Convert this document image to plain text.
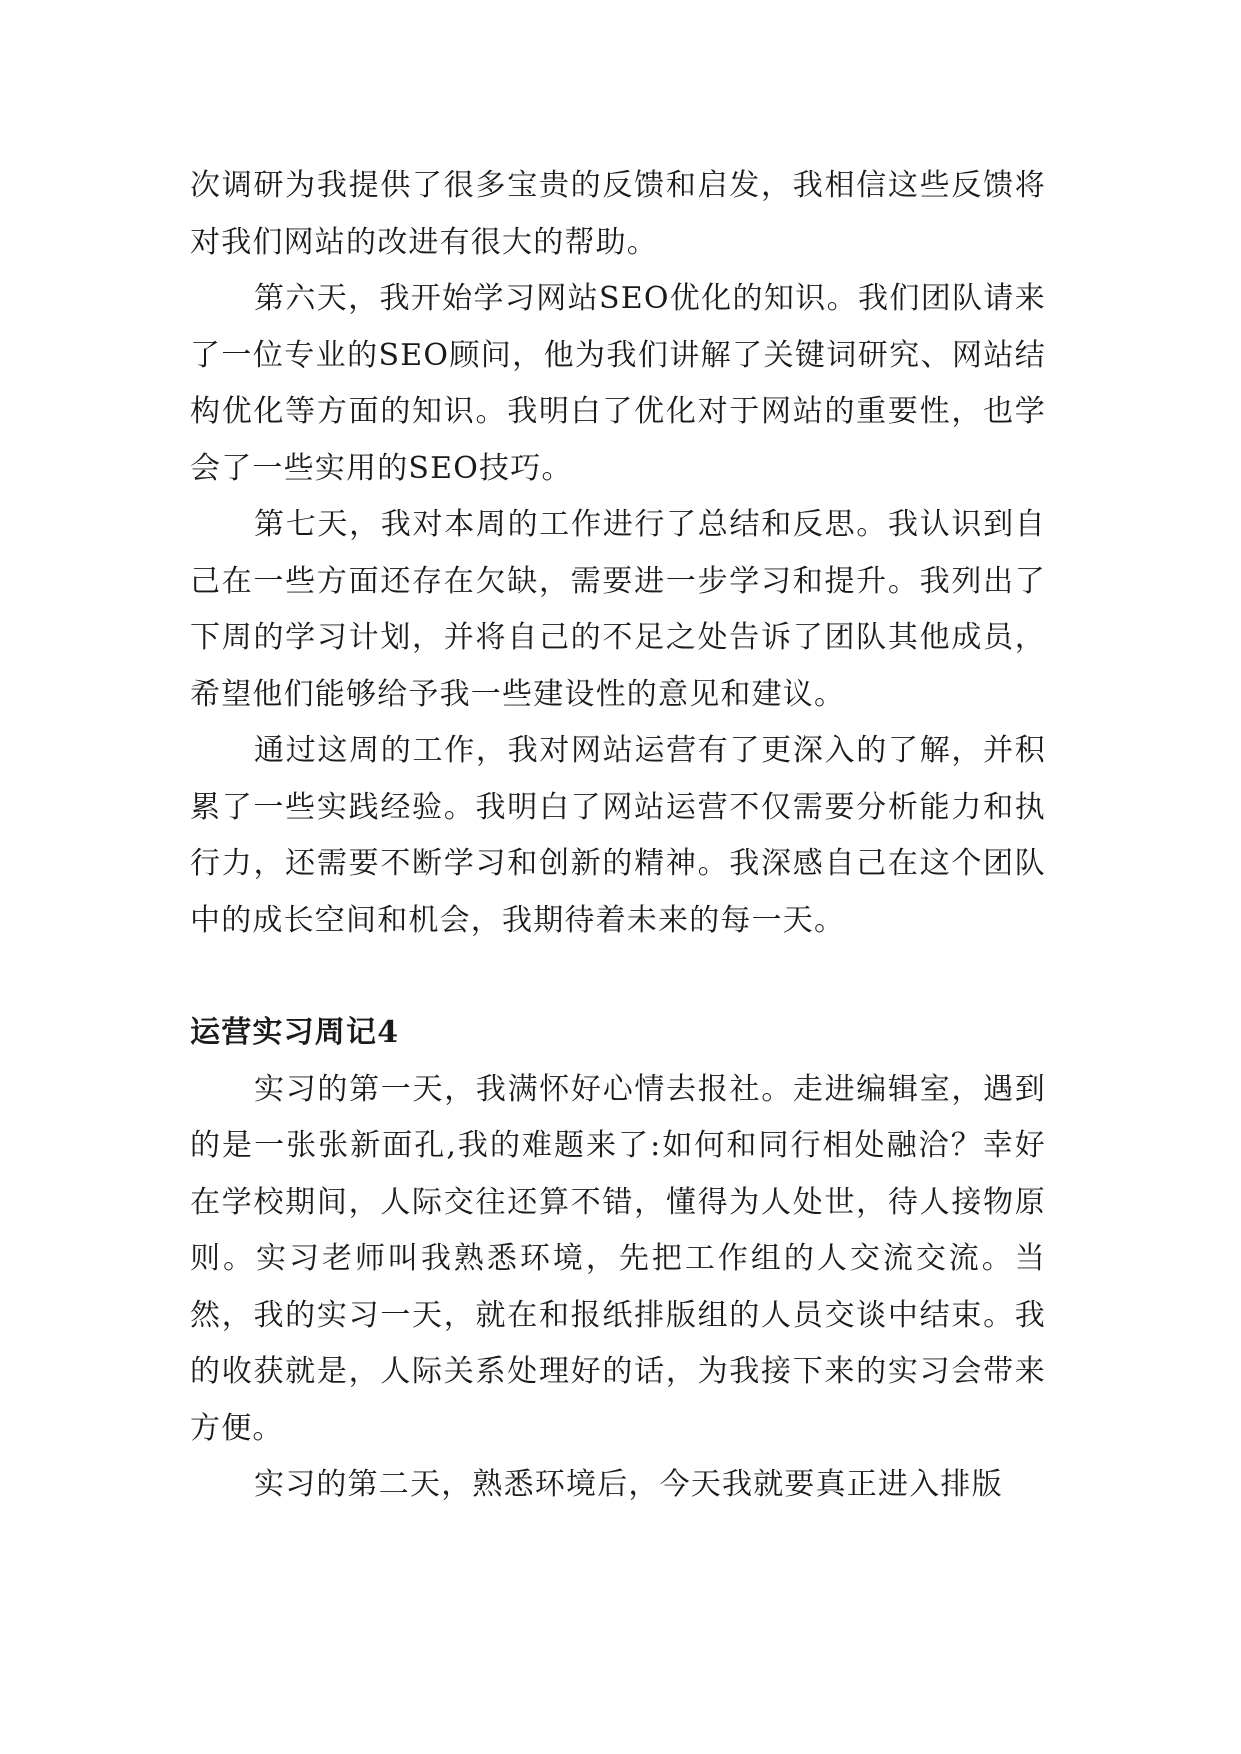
次调研为我提供了很多宝贵的反馈和启发，我相信这些反馈将对我们网站的改进有很大的帮助。

第六天，我开始学习网站SEO优化的知识。我们团队请来了一位专业的SEO顾问，他为我们讲解了关键词研究、网站结构优化等方面的知识。我明白了优化对于网站的重要性，也学会了一些实用的SEO技巧。

第七天，我对本周的工作进行了总结和反思。我认识到自己在一些方面还存在欠缺，需要进一步学习和提升。我列出了下周的学习计划，并将自己的不足之处告诉了团队其他成员，希望他们能够给予我一些建设性的意见和建议。

通过这周的工作，我对网站运营有了更深入的了解，并积累了一些实践经验。我明白了网站运营不仅需要分析能力和执行力，还需要不断学习和创新的精神。我深感自己在这个团队中的成长空间和机会，我期待着未来的每一天。

运营实习周记4

实习的第一天，我满怀好心情去报社。走进编辑室，遇到的是一张张新面孔,我的难题来了:如何和同行相处融洽？幸好在学校期间，人际交往还算不错，懂得为人处世，待人接物原则。实习老师叫我熟悉环境，先把工作组的人交流交流。当然，我的实习一天，就在和报纸排版组的人员交谈中结束。我的收获就是，人际关系处理好的话，为我接下来的实习会带来方便。

实习的第二天，熟悉环境后，今天我就要真正进入排版
